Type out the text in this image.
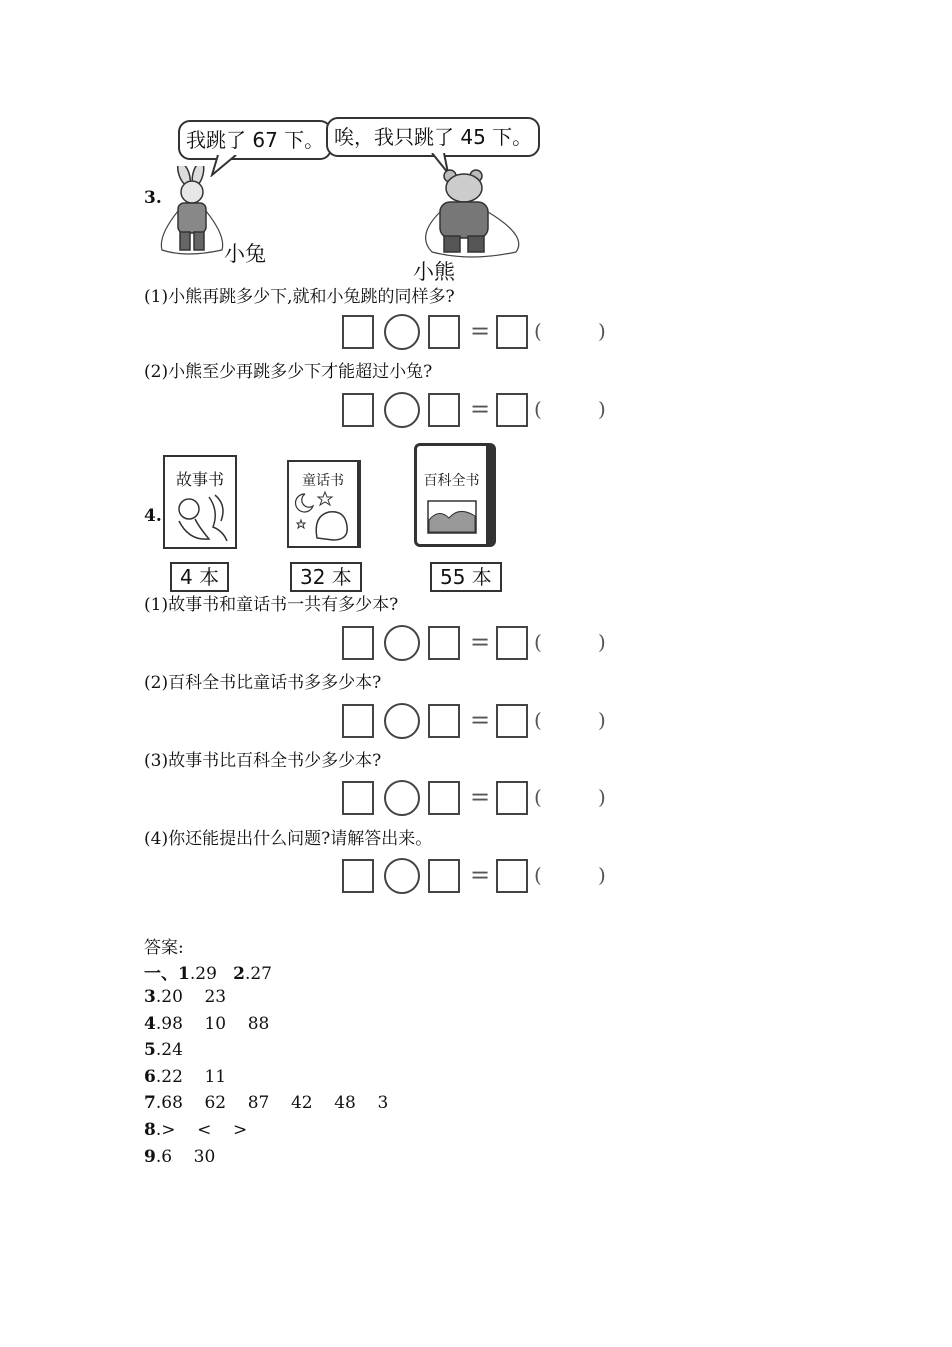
3.
我跳了 67 下。 唉，我只跳了 45 下。
小兔
小熊
(1)小熊再跳多少下,就和小兔跳的同样多?
= (	)
(2)小熊至少再跳多少下才能超过小兔?
= (	)
4.
故事书
4 本
童话书
32 本
百科全书
55 本
(1)故事书和童话书一共有多少本?
= (	)
(2)百科全书比童话书多多少本?
= (	)
(3)故事书比百科全书少多少本?
= (	)
(4)你还能提出什么问题?请解答出来。
= (	)
答案:
一、1.29   2.27
3.20    23
4.98    10    88
5.24
6.22    11
7.68    62    87    42    48    3
8.>    <    >
9.6    30
